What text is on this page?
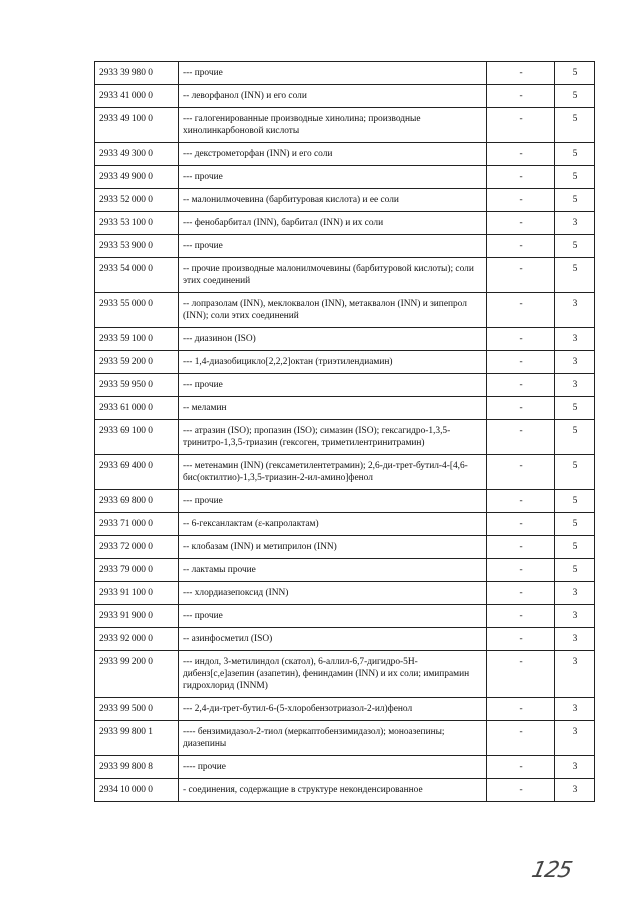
2933 39 980 0	--- прочие	-	5
2933 41 000 0	-- леворфанол (INN) и его соли	-	5
2933 49 100 0	--- галогенированные производные хинолина; производные хинолинкарбоновой кислоты	-	5
2933 49 300 0	--- декстрометорфан (INN) и его соли	-	5
2933 49 900 0	--- прочие	-	5
2933 52 000 0	-- малонилмочевина (барбитуровая кислота) и ее соли	-	5
2933 53 100 0	--- фенобарбитал (INN), барбитал (INN) и их соли	-	3
2933 53 900 0	--- прочие	-	5
2933 54 000 0	-- прочие производные малонилмочевины (барбитуровой кислоты); соли этих соединений	-	5
2933 55 000 0	-- лопразолам (INN), меклоквалон (INN), метаквалон (INN) и зипепрол (INN); соли этих соединений	-	3
2933 59 100 0	--- диазинон (ISO)	-	3
2933 59 200 0	--- 1,4-диазобицикло[2,2,2]октан (триэтилендиамин)	-	3
2933 59 950 0	--- прочие	-	3
2933 61 000 0	-- меламин	-	5
2933 69 100 0	--- атразин (ISO); пропазин (ISO); симазин (ISO); гексагидро-1,3,5-тринитро-1,3,5-триазин (гексоген, триметилентринитрамин)	-	5
2933 69 400 0	--- метенамин (INN) (гексаметилентетрамин); 2,6-ди-трет-бутил-4-[4,6-бис(октилтио)-1,3,5-триазин-2-ил-амино]фенол	-	5
2933 69 800 0	--- прочие	-	5
2933 71 000 0	-- 6-гексанлактам (ε-капролактам)	-	5
2933 72 000 0	-- клобазам (INN) и метиприлон (INN)	-	5
2933 79 000 0	-- лактамы прочие	-	5
2933 91 100 0	--- хлордиазепоксид (INN)	-	3
2933 91 900 0	--- прочие	-	3
2933 92 000 0	-- азинфосметил (ISO)	-	3
2933 99 200 0	--- индол, 3-метилиндол (скатол), 6-аллил-6,7-дигидро-5H-дибенз[c,e]азепин (азапетин), фениндамин (INN) и их соли; имипрамин гидрохлорид (INNM)	-	3
2933 99 500 0	--- 2,4-ди-трет-бутил-6-(5-хлоробензотриазол-2-ил)фенол	-	3
2933 99 800 1	---- бензимидазол-2-тиол (меркаптобензимидазол); моноазепины; диазепины	-	3
2933 99 800 8	---- прочие	-	3
2934 10 000 0	- соединения, содержащие в структуре неконденсированное	-	3
125
